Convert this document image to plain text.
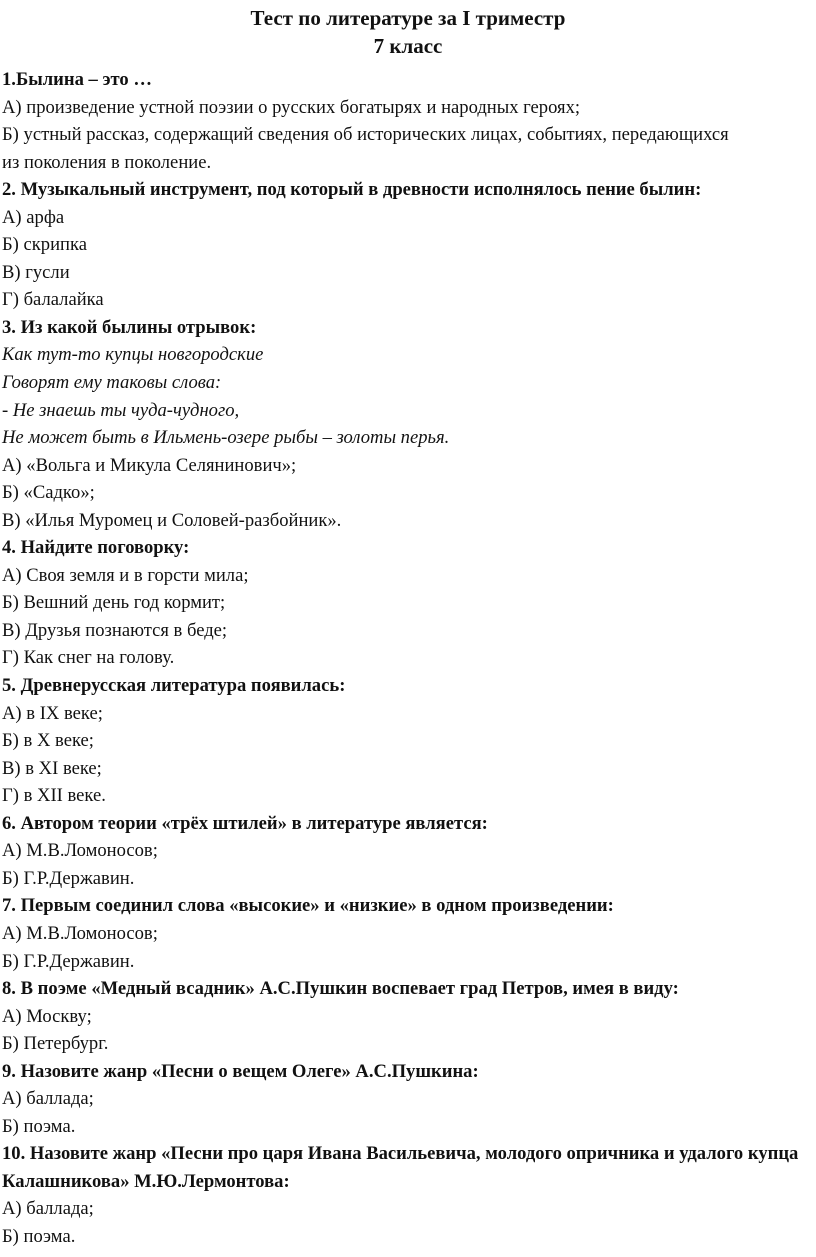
Тест по литературе за I триместр
7 класс

1.Былина – это …

А) произведение устной поэзии о русских богатырях и народных героях;

Б) устный рассказ, содержащий сведения об исторических лицах, событиях, передающихся

из поколения в поколение.

2. Музыкальный инструмент, под который в древности исполнялось пение былин:

А) арфа

Б) скрипка

В) гусли

Г) балалайка

3. Из какой былины отрывок:

Как тут-то купцы новгородские

Говорят ему таковы слова:

- Не знаешь ты чуда-чудного,

Не может быть в Ильмень-озере рыбы – золоты перья.

А) «Вольга и Микула Селянинович»;

Б) «Садко»;

В) «Илья Муромец и Соловей-разбойник».

4. Найдите поговорку:

А) Своя земля и в горсти мила;

Б) Вешний день год кормит;

В) Друзья познаются в беде;

Г) Как снег на голову.

5. Древнерусская литература появилась:

А) в IX веке;

Б) в X веке;

В) в XI веке;

Г) в XII веке.

6. Автором теории «трёх штилей» в литературе является:

А) М.В.Ломоносов;

Б) Г.Р.Державин.

7. Первым соединил слова «высокие» и «низкие» в одном произведении:

А) М.В.Ломоносов;

Б) Г.Р.Державин.

8. В поэме «Медный всадник» А.С.Пушкин воспевает град Петров, имея в виду:

А) Москву;

Б) Петербург.

9. Назовите жанр «Песни о вещем Олеге» А.С.Пушкина:

А) баллада;

Б) поэма.

10. Назовите жанр «Песни про царя Ивана Васильевича, молодого опричника и удалого купца Калашникова» М.Ю.Лермонтова:

А) баллада;

Б) поэма.
